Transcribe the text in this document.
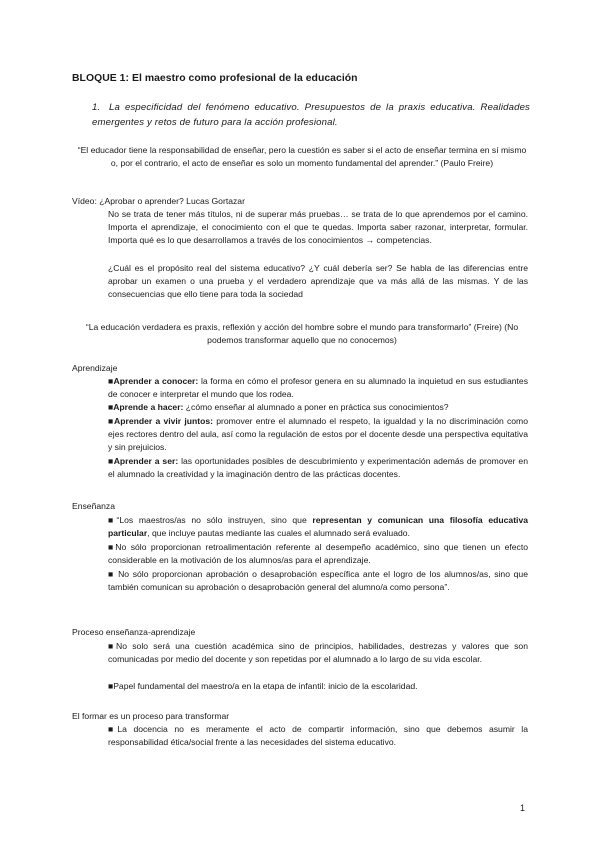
BLOQUE 1: El maestro como profesional de la educación
1. La especificidad del fenómeno educativo. Presupuestos de la praxis educativa. Realidades emergentes y retos de futuro para la acción profesional.
“El educador tiene la responsabilidad de enseñar, pero la cuestión es saber si el acto de enseñar termina en sí mismo o, por el contrario, el acto de enseñar es solo un momento fundamental del aprender.” (Paulo Freire)
Vídeo: ¿Aprobar o aprender? Lucas Gortazar
No se trata de tener más títulos, ni de superar más pruebas… se trata de lo que aprendemos por el camino. Importa el aprendizaje, el conocimiento con el que te quedas. Importa saber razonar, interpretar, formular. Importa qué es lo que desarrollamos a través de los conocimientos → competencias.
¿Cuál es el propósito real del sistema educativo? ¿Y cuál debería ser? Se habla de las diferencias entre aprobar un examen o una prueba y el verdadero aprendizaje que va más allá de las mismas. Y de las consecuencias que ello tiene para toda la sociedad
“La educación verdadera es praxis, reflexión y acción del hombre sobre el mundo para transformarlo” (Freire) (No podemos transformar aquello que no conocemos)
Aprendizaje
■Aprender a conocer: la forma en cómo el profesor genera en su alumnado la inquietud en sus estudiantes de conocer e interpretar el mundo que los rodea.
■Aprende a hacer: ¿cómo enseñar al alumnado a poner en práctica sus conocimientos?
■Aprender a vivir juntos: promover entre el alumnado el respeto, la igualdad y la no discriminación como ejes rectores dentro del aula, así como la regulación de estos por el docente desde una perspectiva equitativa y sin prejuicios.
■Aprender a ser: las oportunidades posibles de descubrimiento y experimentación además de promover en el alumnado la creatividad y la imaginación dentro de las prácticas docentes.
Enseñanza
■“Los maestros/as no sólo instruyen, sino que representan y comunican una filosofía educativa particular, que incluye pautas mediante las cuales el alumnado será evaluado.
■No sólo proporcionan retroalimentación referente al desempeño académico, sino que tienen un efecto considerable en la motivación de los alumnos/as para el aprendizaje.
■ No sólo proporcionan aprobación o desaprobación específica ante el logro de los alumnos/as, sino que también comunican su aprobación o desaprobación general del alumno/a como persona”.
Proceso enseñanza-aprendizaje
■No solo será una cuestión académica sino de principios, habilidades, destrezas y valores que son comunicadas por medio del docente y son repetidas por el alumnado a lo largo de su vida escolar.
■Papel fundamental del maestro/a en la etapa de infantil: inicio de la escolaridad.
El formar es un proceso para transformar
■La docencia no es meramente el acto de compartir información, sino que debemos asumir la responsabilidad ética/social frente a las necesidades del sistema educativo.
1
